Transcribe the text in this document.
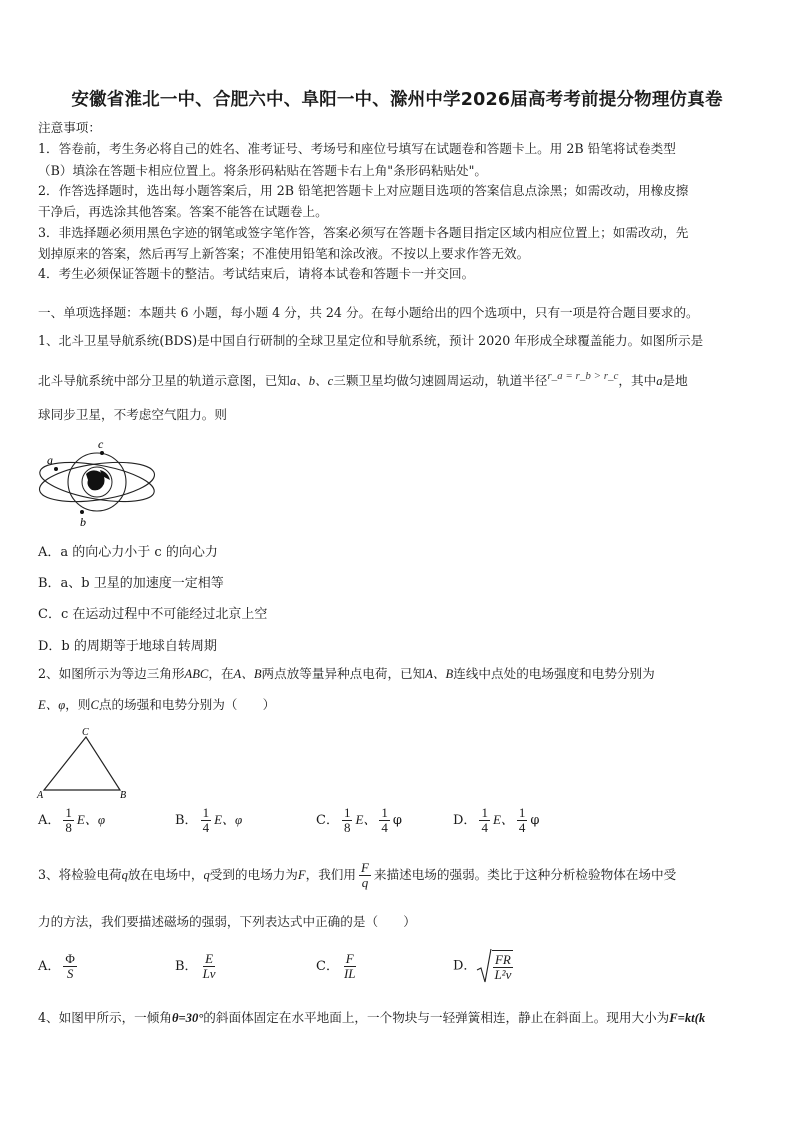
安徽省淮北一中、合肥六中、阜阳一中、滁州中学2026届高考考前提分物理仿真卷
注意事项：
1．答卷前，考生务必将自己的姓名、准考证号、考场号和座位号填写在试题卷和答题卡上。用 2B 铅笔将试卷类型
（B）填涂在答题卡相应位置上。将条形码粘贴在答题卡右上角"条形码粘贴处"。
2．作答选择题时，选出每小题答案后，用 2B 铅笔把答题卡上对应题目选项的答案信息点涂黑；如需改动，用橡皮擦
干净后，再选涂其他答案。答案不能答在试题卷上。
3．非选择题必须用黑色字迹的钢笔或签字笔作答，答案必须写在答题卡各题目指定区域内相应位置上；如需改动，先
划掉原来的答案，然后再写上新答案；不准使用铅笔和涂改液。不按以上要求作答无效。
4．考生必须保证答题卡的整洁。考试结束后，请将本试卷和答题卡一并交回。
一、单项选择题：本题共 6 小题，每小题 4 分，共 24 分。在每小题给出的四个选项中，只有一项是符合题目要求的。
1、北斗卫星导航系统(BDS)是中国自行研制的全球卫星定位和导航系统，预计 2020 年形成全球覆盖能力。如图所示是
北斗导航系统中部分卫星的轨道示意图，已知a、b、c三颗卫星均做匀速圆周运动，轨道半径r_a = r_b > r_c，其中a是地
球同步卫星，不考虑空气阻力。则
a
c
b
A．a 的向心力小于 c 的向心力
B．a、b 卫星的加速度一定相等
C．c 在运动过程中不可能经过北京上空
D．b 的周期等于地球自转周期
2、如图所示为等边三角形ABC，在A、B两点放等量异种点电荷，已知A、B连线中点处的电场强度和电势分别为
E、φ，则C点的场强和电势分别为（　　）
C
A	B
A． $\frac{1}{8}$ E、φ	B． $\frac{1}{4}$ E、φ	C． $\frac{1}{8}$ E、 $\frac{1}{4}$ φ	D． $\frac{1}{4}$ E、 $\frac{1}{4}$ φ
3、将检验电荷q放在电场中，q受到的电场力为F，我们用 $\frac{F}{q}$ 来描述电场的强弱。类比于这种分析检验物体在场中受
力的方法，我们要描述磁场的强弱，下列表达式中正确的是（　　）
A． $\frac{\Phi}{S}$	B． $\frac{E}{Lv}$	C． $\frac{F}{IL}$	D． $\frac{FR}{\text{L²v}}$
4、如图甲所示，一倾角θ=30°的斜面体固定在水平地面上，一个物块与一轻弹簧相连，静止在斜面上。现用大小为F=kt(k
